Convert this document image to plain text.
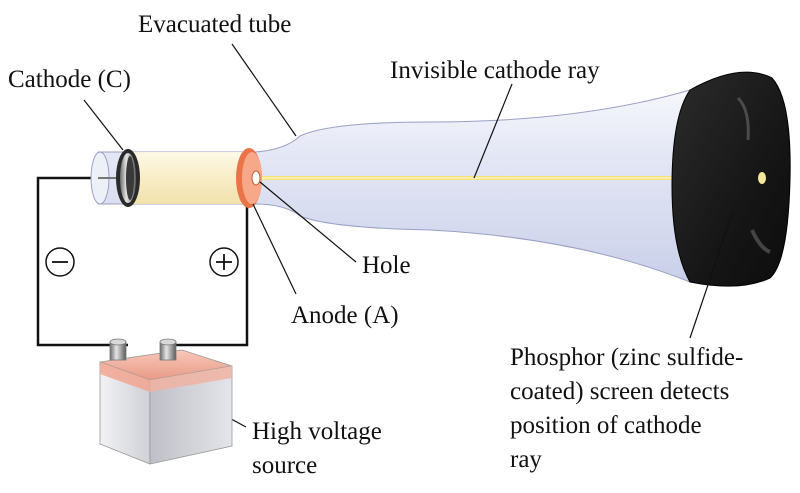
Evacuated tube
Cathode (C)	Invisible cathode ray
Hole
Anode (A)
Phosphor (zinc sulfide-
coated) screen detects
position of cathode
ray
High voltage
source
